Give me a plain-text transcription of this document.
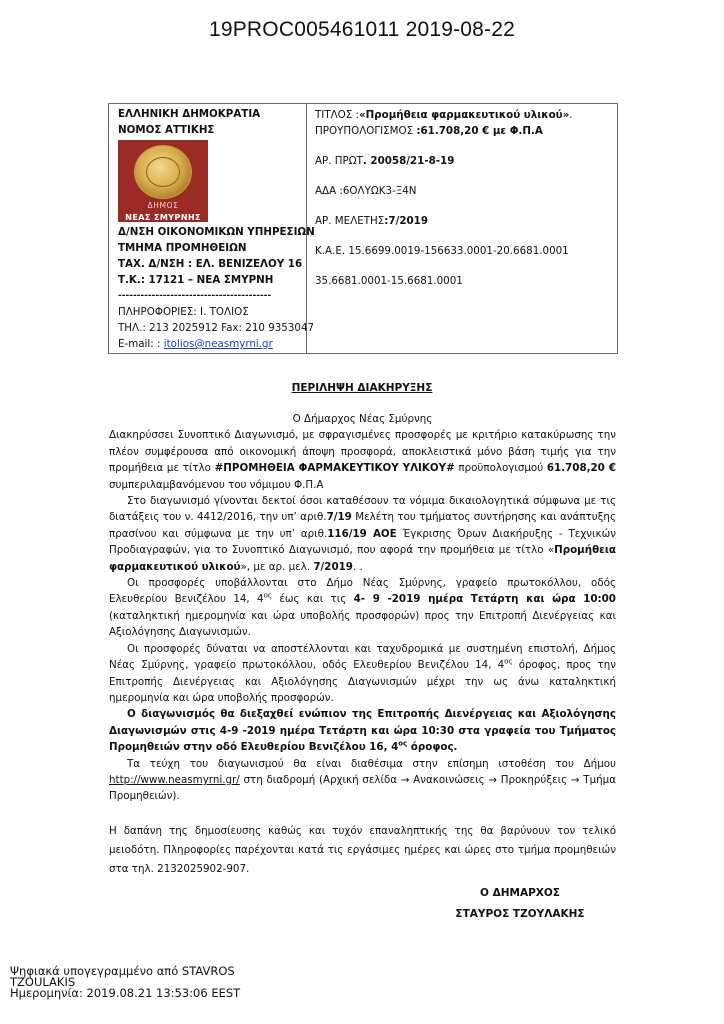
19PROC005461011 2019-08-22
ΕΛΛΗΝΙΚΗ ΔΗΜΟΚΡΑΤΙΑ
ΝΟΜΟΣ ΑΤΤΙΚΗΣ
ΔΗΜΟΣ
ΝΕΑΣ ΣΜΥΡΝΗΣ
Δ/ΝΣΗ ΟΙΚΟΝΟΜΙΚΩΝ ΥΠΗΡΕΣΙΩΝ
ΤΜΗΜΑ ΠΡΟΜΗΘΕΙΩΝ
ΤΑΧ. Δ/ΝΣΗ : ΕΛ. ΒΕΝΙΖΕΛΟΥ 16
Τ.Κ.: 17121 – ΝΕΑ ΣΜΥΡΝΗ
-----------------------------------------
ΠΛΗΡΟΦΟΡΙΕΣ: Ι. ΤΟΛΙΟΣ
ΤΗΛ.: 213 2025912 Fax: 210 9353047
E-mail: : itolios@neasmyrni.gr
ΤΙΤΛΟΣ :«Προμήθεια φαρμακευτικού υλικού».
ΠΡΟΥΠΟΛΟΓΙΣΜΟΣ :61.708,20 € με Φ.Π.Α
ΑΡ. ΠΡΩΤ. 20058/21-8-19
ΑΔΑ :6ΟΛΥΩΚ3-Ξ4Ν
ΑΡ. ΜΕΛΕΤΗΣ:7/2019
Κ.Α.Ε. 15.6699.0019-156633.0001-20.6681.0001
35.6681.0001-15.6681.0001
ΠΕΡΙΛΗΨΗ ΔΙΑΚΗΡΥΞΗΣ

Ο Δήμαρχος Νέας Σμύρνης

Διακηρύσσει Συνοπτικό Διαγωνισμό, με σφραγισμένες προσφορές με κριτήριο κατακύρωσης την πλέον συμφέρουσα από οικονομική άποψη προσφορά, αποκλειστικά μόνο βάση τιμής για την προμήθεια με τίτλο #ΠΡΟΜΗΘΕΙΑ ΦΑΡΜΑΚΕΥΤΙΚΟΥ ΥΛΙΚΟΥ# προϋπολογισμού 61.708,20 € συμπεριλαμβανόμενου του νόμιμου Φ.Π.Α

Στο διαγωνισμό γίνονται δεκτοί όσοι καταθέσουν τα νόμιμα δικαιολογητικά σύμφωνα με τις διατάξεις του ν. 4412/2016, την υπ’ αριθ.7/19 Μελέτη του τμήματος συντήρησης και ανάπτυξης πρασίνου και σύμφωνα με την υπ’ αριθ.116/19 ΑΟΕ Έγκρισης Όρων Διακήρυξης - Τεχνικών Προδιαγραφών, για το Συνοπτικό Διαγωνισμό, που αφορά την προμήθεια με τίτλο «Προμήθεια φαρμακευτικού υλικού», με αρ. μελ. 7/2019. .

Οι προσφορές υποβάλλονται στο Δήμο Νέας Σμύρνης, γραφείο πρωτοκόλλου, οδός Ελευθερίου Βενιζέλου 14, $4^{o\varsigma}$ έως και τις 4- 9 -2019 ημέρα Τετάρτη και ώρα 10:00 (καταληκτική ημερομηνία και ώρα υποβολής προσφορών) προς την Επιτροπή Διενέργειας και Αξιολόγησης Διαγωνισμών.

Οι προσφορές δύναται να αποστέλλονται και ταχυδρομικά με συστημένη επιστολή, Δήμος Νέας Σμύρνης, γραφείο πρωτοκόλλου, οδός Ελευθερίου Βενιζέλου 14, $4^{o\varsigma}$ όροφος, προς την Επιτροπής Διενέργειας και Αξιολόγησης Διαγωνισμών μέχρι την ως άνω καταληκτική ημερομηνία και ώρα υποβολής προσφορών.

Ο διαγωνισμός θα διεξαχθεί ενώπιον της Επιτροπής Διενέργειας και Αξιολόγησης Διαγωνισμών στις 4-9 -2019 ημέρα Τετάρτη και ώρα 10:30 στα γραφεία του Τμήματος Προμηθειών στην οδό Ελευθερίου Βενιζέλου 16, $4^{o\varsigma}$ όροφος.

Τα τεύχη του διαγωνισμού θα είναι διαθέσιμα στην επίσημη ιστοθέση του Δήμου http://www.neasmyrni.gr/ στη διαδρομή (Αρχική σελίδα → Ανακοινώσεις → Προκηρύξεις → Τμήμα Προμηθειών).

Η δαπάνη της δημοσίευσης καθώς και τυχόν επαναληπτικής της θα βαρύνουν τον τελικό μειοδότη. Πληροφορίες παρέχονται κατά τις εργάσιμες ημέρες και ώρες στο τμήμα προμηθειών στα τηλ. 2132025902-907.

Ο ΔΗΜΑΡΧΟΣ
ΣΤΑΥΡΟΣ ΤΖΟΥΛΑΚΗΣ
Ψηφιακά υπογεγραμμένο από STAVROS
TZOULAKIS
Ημερομηνία: 2019.08.21 13:53:06 EEST
